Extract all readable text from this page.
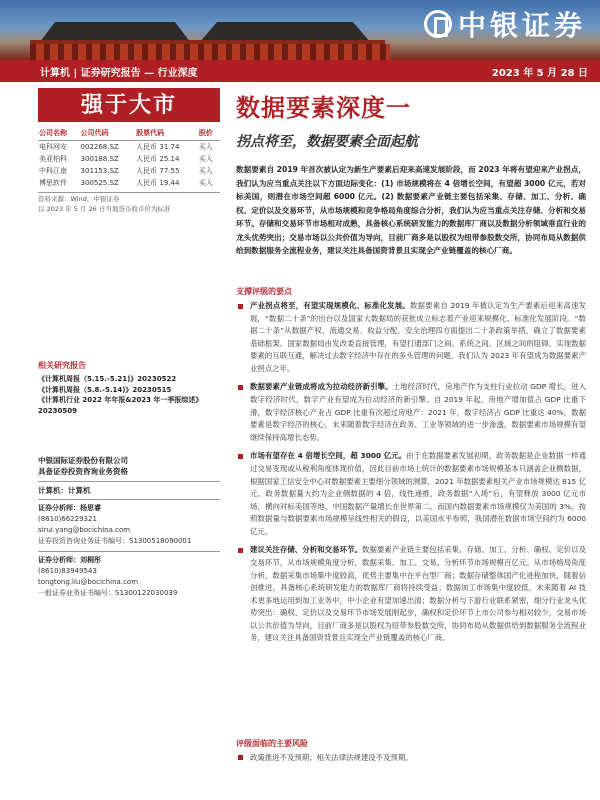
中银证券
计算机 | 证券研究报告 — 行业深度	2023 年 5 月 28 日
强于大市
公司名称	公司代码	股票代码	股价
电科网安	002268.SZ	人民币 31.74	买入
美亚柏科	300188.SZ	人民币 25.14	买入
中科江南	301153.SZ	人民币 77.55	买入
博思软件	300525.SZ	人民币 19.44	买入
资料来源：Wind，中银证券
以 2023 年 5 月 26 日当地货币收市价为标准
相关研究报告

《计算机周报（5.15.-5.21)》20230522

《计算机周报（5.8.-5.14)》20230515

《计算机行业 2022 年年报&2023 年一季报综述》20230509

中银国际证券股份有限公司
具备证券投资咨询业务资格
计算机：计算机
证券分析师：杨思睿
(8610)66229321
sirui.yang@bocichina.com
证券投资咨询业务证书编号：S1300518090001
证券分析师：刘桐彤
(8610)83949543
tongtong.liu@bocichina.com
一般证券业务证书编号：S1300122030039
数据要素深度一
拐点将至，数据要素全面起航
数据要素自 2019 年首次被认定为新生产要素后迎来高速发展阶段，而 2023 年将有望迎来产业拐点，我们认为应当重点关注以下方面边际变化：(1) 市场规模将在 4 倍增长空间，有望超 3000 亿元，若对标美国，则潜在市场空间超 6000 亿元。(2) 数据要素产业链主要包括采集、存储、加工、分析、确权、定价以及交易环节，从市场规模和竞争格局角度综合分析，我们认为应当重点关注存储、分析和交易环节。存储和交易环节市场相对成熟，具备核心系统研发能力的数据库厂商以及数据分析领域垂直行业的龙头优势突出；交易市场以公共价值为导向，目前厂商多是以股权为纽带参股数交所，协同布局从数据供给到数据服务全流程业务，建议关注具备国资背景且实现全产业链覆盖的核心厂商。
支撑评级的要点
产业拐点将至，有望实现规模化、标准化发展。数据要素自 2019 年被认定为生产要素后迎来高速发展，“数据二十条”的出台以及国家大数据局的获批成立标志着产业迎来规模化、标准化发展阶段。“数据二十条”从数据产权、流通交易、收益分配、安全治理四方面提出二十条政策举措，确立了数据要素基础框架。国家数据局由发改委直接管理，有望打通部门之间、系统之间、区域之间的阻碍，实现数据要素的互联互通，解决过去数字经济中存在的多头管理的问题。我们认为 2023 年有望成为数据要素产业拐点之年。
数据要素产业链成将成为拉动经济新引擎。土地经济时代，房地产作为支柱行业拉动 GDP 增长，进入数字经济时代，数字产业有望成为拉动经济的新引擎。自 2019 年起，房地产增加值占 GDP 比重下滑，数字经济核心产业占 GDP 比重有次超过房地产：2021 年，数字经济占 GDP 比重达 40%，数据要素是数字经济的核心，未来随着数字经济在政务、工业等领域的进一步渗透，数据要素市场规模有望继续保持高增长态势。
市场有望存在 4 倍增长空间，超 3000 亿元。由于在数据要素发展初期，政务数据是企业数据一样通过交易变现或从税利角度体现价值，因此目前市场上统计的数据要素市场规模基本只涵盖企业侧数据，根据国家工信安全中心对数据要素主要细分领域的测算，2021 年数据要素相关产业市场规模达 815 亿元。政务数据量大约为企业侧数据的 4 倍，线性递推，政务数据“入场”后，有望释放 3000 亿元市场，横向对标美国等地，中国数据产量增长在世界第二，而国内数据要素市场规模仅为美国的 3%，按照数据量与数据要素市场规模呈线性相关的假设，以美国水平参照，我国潜在数据市场空间约为 6000 亿元。
建议关注存储、分析和交易环节。数据要素产业链主要包括采集、存储、加工、分析、确权、定价以及交易环节，从市场规模角度分析，数据采集、加工、交易、分析环节市场规模百亿元。从市场格局角度分析，数据采集市场集中度较高，优势主要集中在平台型厂商；数据存储整体国产化进程加快，随着信创推进，具备核心系统研发能力的数据库厂商将持续受益；数据加工市场集中度较低，未来随着 AI 技术更多地运用到加工业务中，中小企业有望加速出清；数据分析与下游行业联系紧密，细分行业龙头优势突出：确权、定价以及交易环节市场发展刚起步，确权和定价环节上市公司参与相对较少，交易市场以公共价值为导向，目前厂商多是以股权为纽带参股数交所，协同布局从数据供给到数据服务全流程业务，建议关注具备国资背景且实现全产业链覆盖的核心厂商。
评级面临的主要风险
政策推进不及预期；相关法律法规建设不及预期。
